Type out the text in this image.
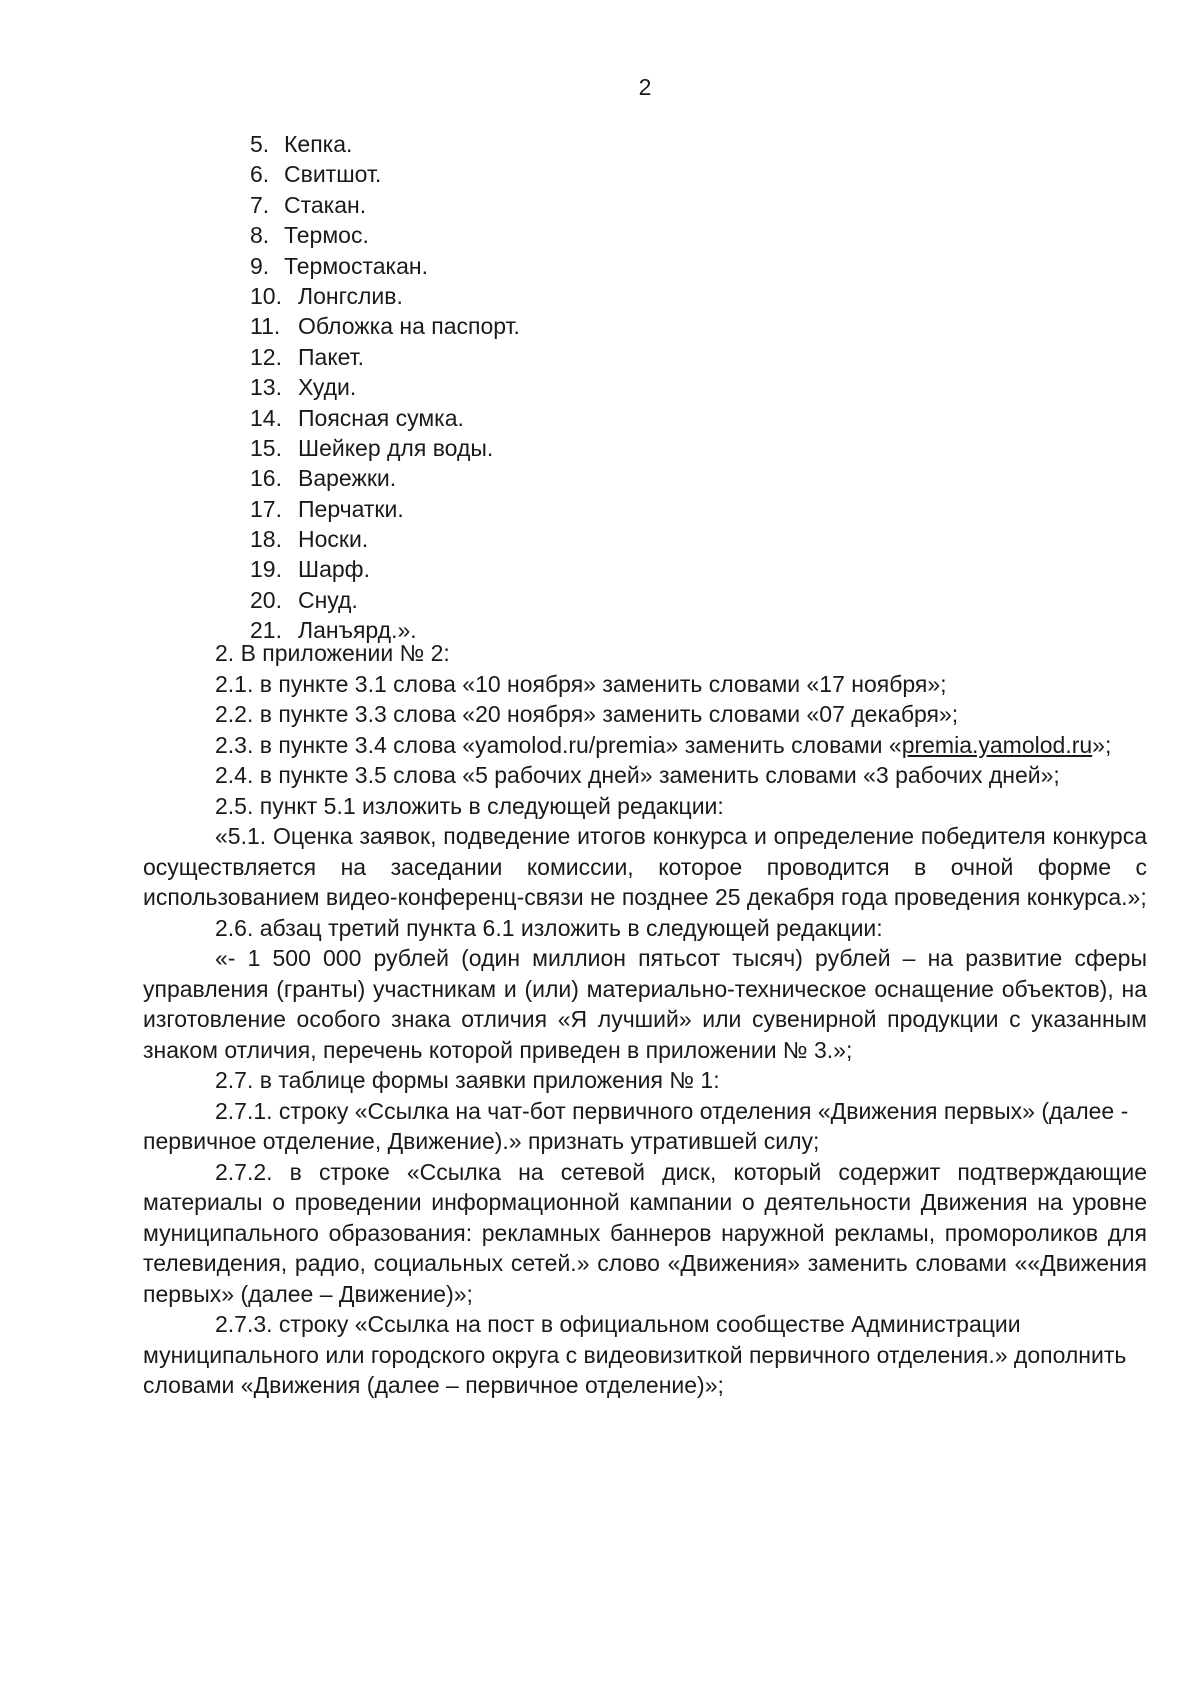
2
5. Кепка.
6. Свитшот.
7. Стакан.
8. Термос.
9. Термостакан.
10. Лонгслив.
11. Обложка на паспорт.
12. Пакет.
13. Худи.
14. Поясная сумка.
15. Шейкер для воды.
16. Варежки.
17. Перчатки.
18. Носки.
19. Шарф.
20. Снуд.
21. Ланъярд.».

2. В приложении № 2:

2.1. в пункте 3.1 слова «10 ноября» заменить словами «17 ноября»;

2.2. в пункте 3.3 слова «20 ноября» заменить словами «07 декабря»;

2.3. в пункте 3.4 слова «yamolod.ru/premia» заменить словами «premia.yamolod.ru»;

2.4. в пункте 3.5 слова «5 рабочих дней» заменить словами «3 рабочих дней»;

2.5. пункт 5.1 изложить в следующей редакции:

«5.1. Оценка заявок, подведение итогов конкурса и определение победителя конкурса осуществляется на заседании комиссии, которое проводится в очной форме с использованием видео-конференц-связи не позднее 25 декабря года проведения конкурса.»;

2.6. абзац третий пункта 6.1 изложить в следующей редакции:

«- 1 500 000 рублей (один миллион пятьсот тысяч) рублей – на развитие сферы управления (гранты) участникам и (или) материально-техническое оснащение объектов), на изготовление особого знака отличия «Я лучший» или сувенирной продукции с указанным знаком отличия, перечень которой приведен в приложении № 3.»;

2.7. в таблице формы заявки приложения № 1:

2.7.1. строку «Ссылка на чат-бот первичного отделения «Движения первых» (далее - первичное отделение, Движение).» признать утратившей силу;

2.7.2. в строке «Ссылка на сетевой диск, который содержит подтверждающие материалы о проведении информационной кампании о деятельности Движения на уровне муниципального образования: рекламных баннеров наружной рекламы, промороликов для телевидения, радио, социальных сетей.» слово «Движения» заменить словами ««Движения первых» (далее – Движение)»;

2.7.3. строку «Ссылка на пост в официальном сообществе Администрации муниципального или городского округа с видеовизиткой первичного отделения.» дополнить словами «Движения (далее – первичное отделение)»;
